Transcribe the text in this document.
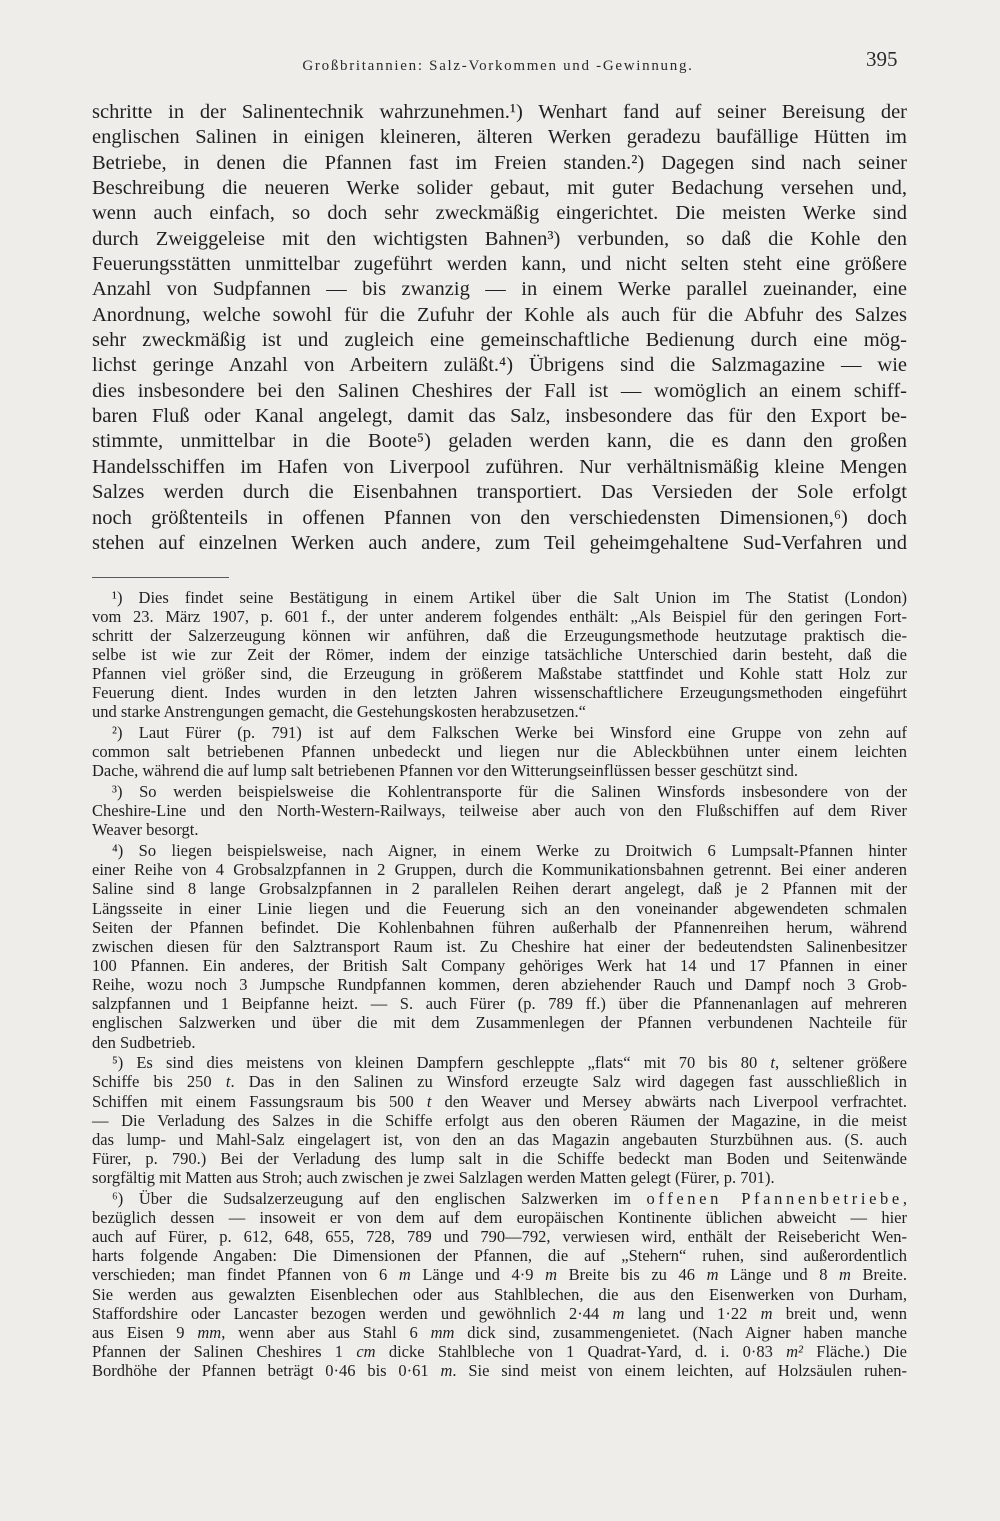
Großbritannien: Salz-Vorkommen und -Gewinnung.	395
schritte in der Salinentechnik wahrzunehmen.¹) Wenhart fand auf seiner Bereisung der
englischen Salinen in einigen kleineren, älteren Werken geradezu baufällige Hütten im
Betriebe, in denen die Pfannen fast im Freien standen.²) Dagegen sind nach seiner
Beschreibung die neueren Werke solider gebaut, mit guter Bedachung versehen und,
wenn auch einfach, so doch sehr zweckmäßig eingerichtet. Die meisten Werke sind
durch Zweiggeleise mit den wichtigsten Bahnen³) verbunden, so daß die Kohle den
Feuerungsstätten unmittelbar zugeführt werden kann, und nicht selten steht eine größere
Anzahl von Sudpfannen — bis zwanzig — in einem Werke parallel zueinander, eine
Anordnung, welche sowohl für die Zufuhr der Kohle als auch für die Abfuhr des Salzes
sehr zweckmäßig ist und zugleich eine gemeinschaftliche Bedienung durch eine mög-
lichst geringe Anzahl von Arbeitern zuläßt.⁴) Übrigens sind die Salzmagazine — wie
dies insbesondere bei den Salinen Cheshires der Fall ist — womöglich an einem schiff-
baren Fluß oder Kanal angelegt, damit das Salz, insbesondere das für den Export be-
stimmte, unmittelbar in die Boote⁵) geladen werden kann, die es dann den großen
Handelsschiffen im Hafen von Liverpool zuführen. Nur verhältnismäßig kleine Mengen
Salzes werden durch die Eisenbahnen transportiert. Das Versieden der Sole erfolgt
noch größtenteils in offenen Pfannen von den verschiedensten Dimensionen,⁶) doch
stehen auf einzelnen Werken auch andere, zum Teil geheimgehaltene Sud-Verfahren und
¹) Dies findet seine Bestätigung in einem Artikel über die Salt Union im The Statist (London)
vom 23. März 1907, p. 601 f., der unter anderem folgendes enthält: „Als Beispiel für den geringen Fort-
schritt der Salzerzeugung können wir anführen, daß die Erzeugungsmethode heutzutage praktisch die-
selbe ist wie zur Zeit der Römer, indem der einzige tatsächliche Unterschied darin besteht, daß die
Pfannen viel größer sind, die Erzeugung in größerem Maßstabe stattfindet und Kohle statt Holz zur
Feuerung dient. Indes wurden in den letzten Jahren wissenschaftlichere Erzeugungsmethoden eingeführt
und starke Anstrengungen gemacht, die Gestehungskosten herabzusetzen.“
²) Laut Fürer (p. 791) ist auf dem Falkschen Werke bei Winsford eine Gruppe von zehn auf
common salt betriebenen Pfannen unbedeckt und liegen nur die Ableckbühnen unter einem leichten
Dache, während die auf lump salt betriebenen Pfannen vor den Witterungseinflüssen besser geschützt sind.
³) So werden beispielsweise die Kohlentransporte für die Salinen Winsfords insbesondere von der
Cheshire-Line und den North-Western-Railways, teilweise aber auch von den Flußschiffen auf dem River
Weaver besorgt.
⁴) So liegen beispielsweise, nach Aigner, in einem Werke zu Droitwich 6 Lumpsalt-Pfannen hinter
einer Reihe von 4 Grobsalzpfannen in 2 Gruppen, durch die Kommunikationsbahnen getrennt. Bei einer anderen
Saline sind 8 lange Grobsalzpfannen in 2 parallelen Reihen derart angelegt, daß je 2 Pfannen mit der
Längsseite in einer Linie liegen und die Feuerung sich an den voneinander abgewendeten schmalen
Seiten der Pfannen befindet. Die Kohlenbahnen führen außerhalb der Pfannenreihen herum, während
zwischen diesen für den Salztransport Raum ist. Zu Cheshire hat einer der bedeutendsten Salinenbesitzer
100 Pfannen. Ein anderes, der British Salt Company gehöriges Werk hat 14 und 17 Pfannen in einer
Reihe, wozu noch 3 Jumpsche Rundpfannen kommen, deren abziehender Rauch und Dampf noch 3 Grob-
salzpfannen und 1 Beipfanne heizt. — S. auch Fürer (p. 789 ff.) über die Pfannenanlagen auf mehreren
englischen Salzwerken und über die mit dem Zusammenlegen der Pfannen verbundenen Nachteile für
den Sudbetrieb.
⁵) Es sind dies meistens von kleinen Dampfern geschleppte „flats“ mit 70 bis 80 t, seltener größere
Schiffe bis 250 t. Das in den Salinen zu Winsford erzeugte Salz wird dagegen fast ausschließlich in
Schiffen mit einem Fassungsraum bis 500 t den Weaver und Mersey abwärts nach Liverpool verfrachtet.
— Die Verladung des Salzes in die Schiffe erfolgt aus den oberen Räumen der Magazine, in die meist
das lump- und Mahl-Salz eingelagert ist, von den an das Magazin angebauten Sturzbühnen aus. (S. auch
Fürer, p. 790.) Bei der Verladung des lump salt in die Schiffe bedeckt man Boden und Seitenwände
sorgfältig mit Matten aus Stroh; auch zwischen je zwei Salzlagen werden Matten gelegt (Fürer, p. 701).
⁶) Über die Sudsalzerzeugung auf den englischen Salzwerken im offenen Pfannenbetriebe,
bezüglich dessen — insoweit er von dem auf dem europäischen Kontinente üblichen abweicht — hier
auch auf Fürer, p. 612, 648, 655, 728, 789 und 790—792, verwiesen wird, enthält der Reisebericht Wen-
harts folgende Angaben: Die Dimensionen der Pfannen, die auf „Stehern“ ruhen, sind außerordentlich
verschieden; man findet Pfannen von 6 m Länge und 4·9 m Breite bis zu 46 m Länge und 8 m Breite.
Sie werden aus gewalzten Eisenblechen oder aus Stahlblechen, die aus den Eisenwerken von Durham,
Staffordshire oder Lancaster bezogen werden und gewöhnlich 2·44 m lang und 1·22 m breit und, wenn
aus Eisen 9 mm, wenn aber aus Stahl 6 mm dick sind, zusammengenietet. (Nach Aigner haben manche
Pfannen der Salinen Cheshires 1 cm dicke Stahlbleche von 1 Quadrat-Yard, d. i. 0·83 m² Fläche.) Die
Bordhöhe der Pfannen beträgt 0·46 bis 0·61 m. Sie sind meist von einem leichten, auf Holzsäulen ruhen-
